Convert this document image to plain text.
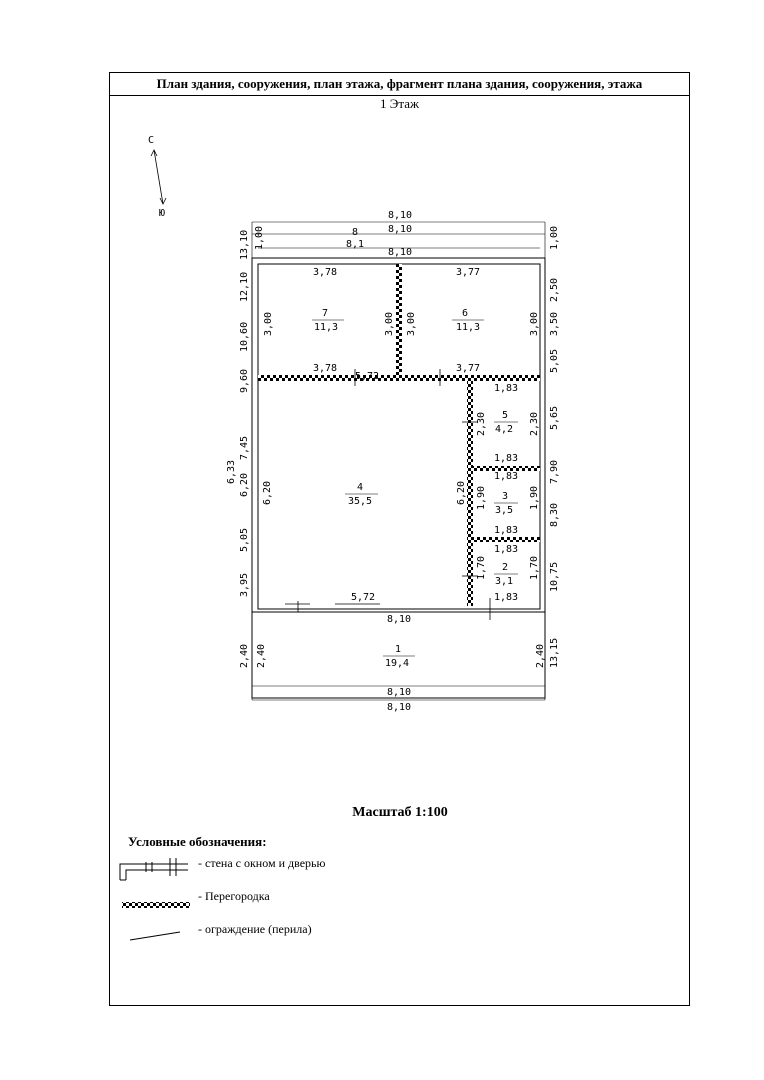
План здания, сооружения, план этажа, фрагмент плана здания, сооружения, этажа
1 Этаж
С
Ю	8,10
8,10
8,10
8
8,1
3,78
7
11,3
3,78
3,00	3,00
3,77
6
11,3
3,77
3,00	3,00
1,83
5
4,2
1,83
2,30	2,30
5,72
4
35,5
5,72
6,20	6,20
1,83
3
3,5
1,83
1,90	1,90
1,83
2
3,1
1,83
1,70	1,70
8,10
1
19,4
8,10
8,10
2,40	2,40
13,10 1,00
12,10
10,60
9,60
7,45
6,20
5,05
3,95
2,40
6,33
1,00
2,50
3,50
5,05
5,65
7,90
8,30
10,75
13,15
Масштаб 1:100
Условные обозначения:
- стена с окном и дверью
- Перегородка
- ограждение (перила)
